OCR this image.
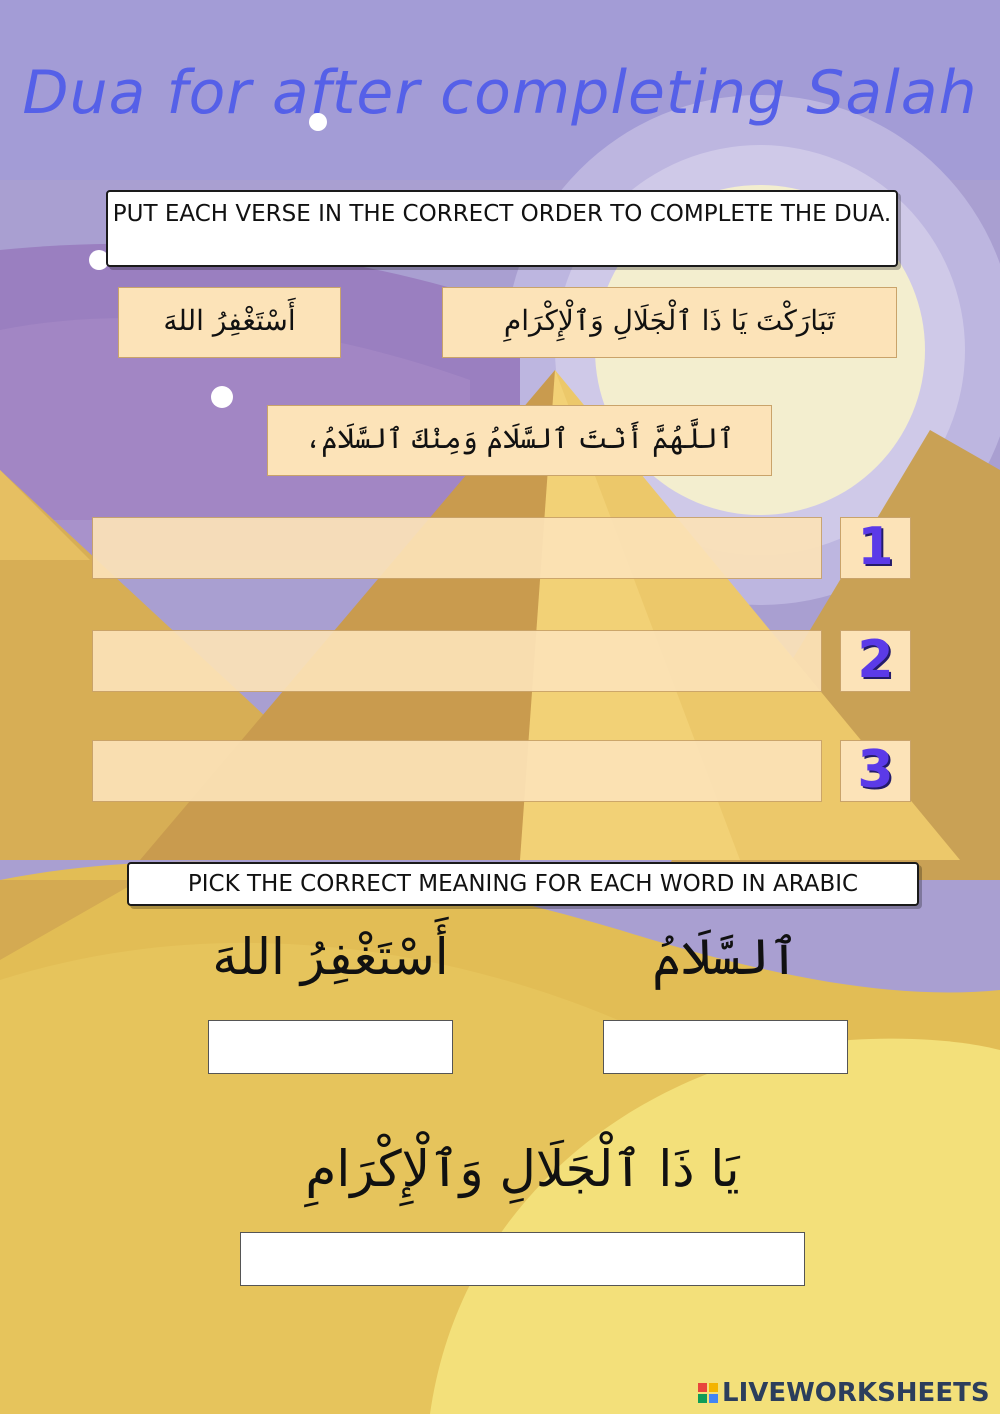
Dua for after completing Salah
PUT EACH VERSE IN THE CORRECT ORDER TO COMPLETE THE DUA.
أَسْتَغْفِرُ اللهَ	تَبَارَكْتَ يَا ذَا ٱلْجَلَالِ وَٱلْإِكْرَامِ
ٱللَّهُمَّ أَنْتَ ٱلسَّلَامُ وَمِنْكَ ٱلسَّلَامُ،
1
2
3
PICK THE CORRECT MEANING FOR EACH WORD IN ARABIC
أَسْتَغْفِرُ اللهَ	ٱلسَّلَامُ
يَا ذَا ٱلْجَلَالِ وَٱلْإِكْرَامِ
LIVEWORKSHEETS
